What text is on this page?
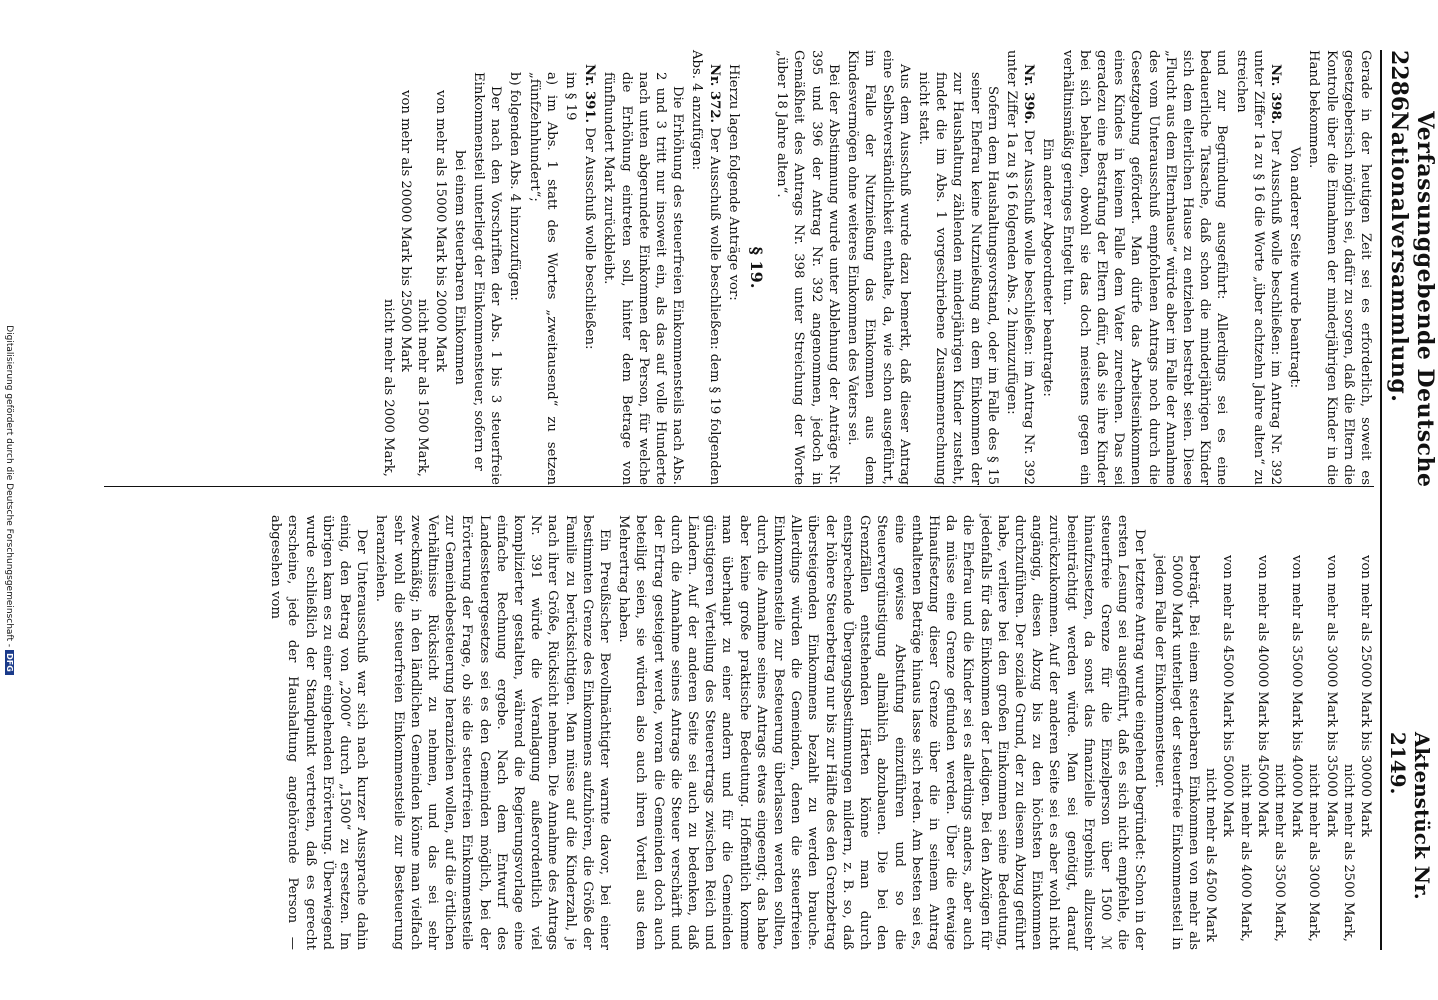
2286
Verfassunggebende Deutsche Nationalversammlung.
Aktenstück Nr. 2149.

Gerade in der heutigen Zeit sei es erforderlich, soweit es gesetzgeberisch möglich sei, dafür zu sorgen, daß die Eltern die Kontrolle über die Einnahmen der minderjährigen Kinder in die Hand bekommen.

Von anderer Seite wurde beantragt:

Nr. 398. Der Ausschuß wolle beschließen: im Antrag Nr. 392 unter Ziffer 1a zu § 16 die Worte „über achtzehn Jahre alten“ zu streichen

und zur Begründung ausgeführt: Allerdings sei es eine bedauerliche Tatsache, daß schon die minderjährigen Kinder sich dem elterlichen Hause zu entziehen bestrebt seien. Diese „Flucht aus dem Elternhause“ würde aber im Falle der Annahme des vom Unterausschuß empfohlenen Antrags noch durch die Gesetzgebung gefördert. Man dürfe das Arbeitseinkommen eines Kindes in keinem Falle dem Vater zurechnen. Das sei geradezu eine Bestrafung der Eltern dafür, daß sie ihre Kinder bei sich behalten, obwohl sie das doch meistens gegen ein verhältnismäßig geringes Entgelt tun.

Ein anderer Abgeordneter beantragte:

Nr. 396. Der Ausschuß wolle beschließen: im Antrag Nr. 392 unter Ziffer 1a zu § 16 folgenden Abs. 2 hinzuzufügen:

Sofern dem Haushaltungsvorstand, oder im Falle des § 15 seiner Ehefrau keine Nutznießung an dem Einkommen der zur Haushaltung zählenden minderjährigen Kinder zusteht, findet die im Abs. 1 vorgeschriebene Zusammenrechnung nicht statt.

Aus dem Ausschuß wurde dazu bemerkt, daß dieser Antrag eine Selbstverständlichkeit enthalte, da, wie schon ausgeführt, im Falle der Nutznießung das Einkommen aus dem Kindesvermögen ohne weiteres Einkommen des Vaters sei.

Bei der Abstimmung wurde unter Ablehnung der Anträge Nr. 395 und 396 der Antrag Nr. 392 angenommen, jedoch in Gemäßheit des Antrags Nr. 398 unter Streichung der Worte „über 18 Jahre alten“.

§ 19.

Hierzu lagen folgende Anträge vor:

Nr. 372. Der Ausschuß wolle beschließen: dem § 19 folgenden Abs. 4 anzufügen:

Die Erhöhung des steuerfreien Einkommensteils nach Abs. 2 und 3 tritt nur insoweit ein, als das auf volle Hunderte nach unten abgerundete Einkommen der Person, für welche die Erhöhung eintreten soll, hinter dem Betrage von fünfhundert Mark zurückbleibt.

Nr. 391. Der Ausschuß wolle beschließen:

im § 19

a) im Abs. 1 statt des Wortes „zweitausend“ zu setzen „fünfzehnhundert“;

b) folgenden Abs. 4 hinzuzufügen:

Der nach den Vorschriften der Abs. 1 bis 3 steuerfreie Einkommensteil unterliegt der Einkommensteuer, sofern er

bei einem steuerbaren Einkommen

von mehr als 15000 Mark bis 20000 Mark
nicht mehr als 1500 Mark,
von mehr als 20000 Mark bis 25000 Mark
nicht mehr als 2000 Mark,
von mehr als 25000 Mark bis 30000 Mark
nicht mehr als 2500 Mark,
von mehr als 30000 Mark bis 35000 Mark
nicht mehr als 3000 Mark,
von mehr als 35000 Mark bis 40000 Mark
nicht mehr als 3500 Mark,
von mehr als 40000 Mark bis 45000 Mark
nicht mehr als 4000 Mark,
von mehr als 45000 Mark bis 50000 Mark
nicht mehr als 4500 Mark

beträgt. Bei einem steuerbaren Einkommen von mehr als 50000 Mark unterliegt der steuerfreie Einkommensteil in jedem Falle der Einkommensteuer.

Der letztere Antrag wurde eingehend begründet: Schon in der ersten Lesung sei ausgeführt, daß es sich nicht empfehle, die steuerfreie Grenze für die Einzelperson über 1500 ℳ hinaufzusetzen, da sonst das finanzielle Ergebnis allzusehr beeinträchtigt werden würde. Man sei genötigt, darauf zurückzukommen. Auf der anderen Seite sei es aber wohl nicht angängig, diesen Abzug bis zu den höchsten Einkommen durchzuführen. Der soziale Grund, der zu diesem Abzug geführt habe, verliere bei den großen Einkommen seine Bedeutung, jedenfalls für das Einkommen der Ledigen. Bei den Abzügen für die Ehefrau und die Kinder sei es allerdings anders, aber auch da müsse eine Grenze gefunden werden. Über die etwaige Hinaufsetzung dieser Grenze über die in seinem Antrag enthaltenen Beträge hinaus lasse sich reden. Am besten sei es, eine gewisse Abstufung einzuführen und so die Steuervergünstigung allmählich abzubauen. Die bei den Grenzfällen entstehenden Härten könne man durch entsprechende Übergangsbestimmungen mildern, z. B. so, daß der höhere Steuerbetrag nur bis zur Hälfte des den Grenzbetrag übersteigenden Einkommens bezahlt zu werden brauche. Allerdings würden die Gemeinden, denen die steuerfreien Einkommensteile zur Besteuerung überlassen werden sollten, durch die Annahme seines Antrags etwas eingeengt; das habe aber keine große praktische Bedeutung. Hoffentlich komme man überhaupt zu einer andern und für die Gemeinden günstigeren Verteilung des Steuerertrags zwischen Reich und Ländern. Auf der anderen Seite sei auch zu bedenken, daß durch die Annahme seines Antrags die Steuer verschärft und der Ertrag gesteigert werde, woran die Gemeinden doch auch beteiligt seien, sie würden also auch ihren Vorteil aus dem Mehrertrag haben.

Ein Preußischer Bevollmächtigter warnte davor, bei einer bestimmten Grenze des Einkommens aufzuhören, die Größe der Familie zu berücksichtigen. Man müsse auf die Kinderzahl, je nach ihrer Größe, Rücksicht nehmen. Die Annahme des Antrags Nr. 391 würde die Veranlagung außerordentlich viel komplizierter gestalten, während die Regierungsvorlage eine einfache Rechnung ergebe. Nach dem Entwurf des Landessteuergesetzes sei es den Gemeinden möglich, bei der Erörterung der Frage, ob sie die steuerfreien Einkommensteile zur Gemeindebesteuerung heranziehen wollen, auf die örtlichen Verhältnisse Rücksicht zu nehmen, und das sei sehr zweckmäßig; in den ländlichen Gemeinden könne man vielfach sehr wohl die steuerfreien Einkommensteile zur Besteuerung heranziehen.

Der Unterausschuß war sich nach kurzer Aussprache dahin einig, den Betrag von „2000“ durch „1500“ zu ersetzen. Im übrigen kam es zu einer eingehenden Erörterung. Überwiegend wurde schließlich der Standpunkt vertreten, daß es gerecht erscheine, jede der Haushaltung angehörende Person — abgesehen vom

Digitalisierung gefördert durch die Deutsche Forschungsgemeinschaft -DFG
